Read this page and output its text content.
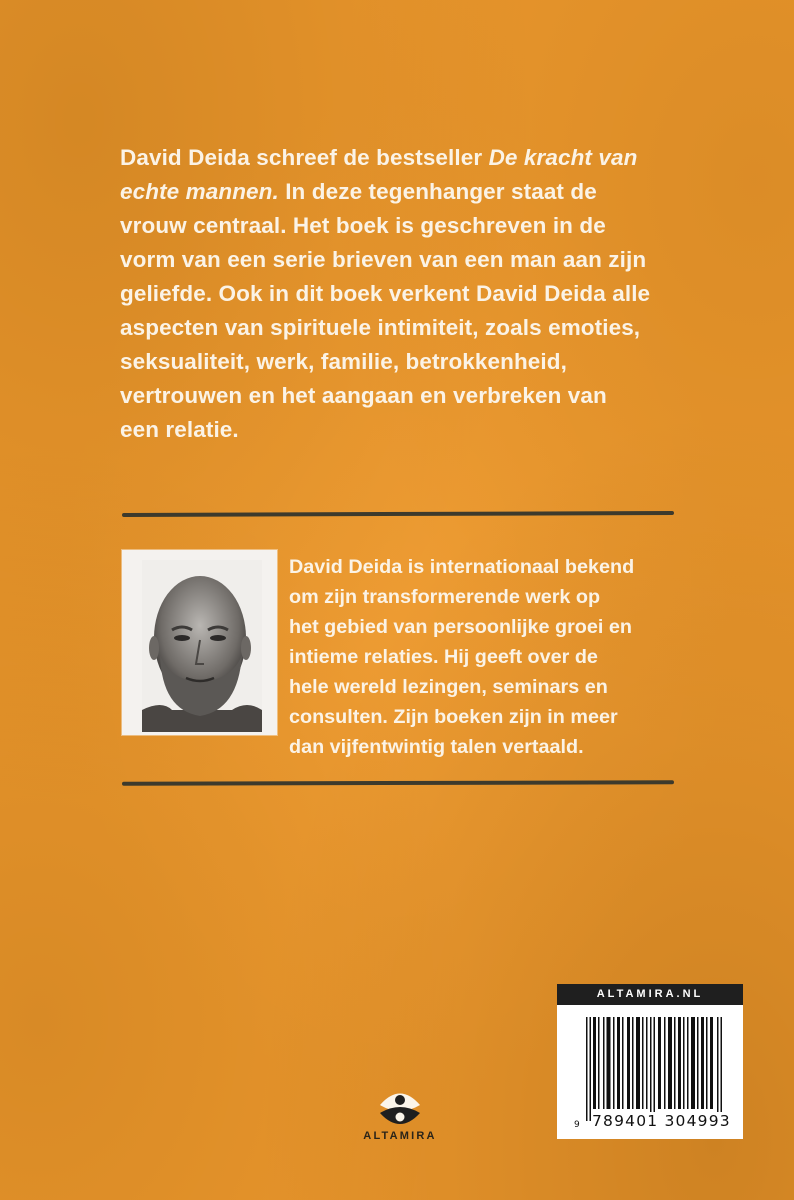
David Deida schreef de bestseller De kracht van
echte mannen. In deze tegenhanger staat de
vrouw centraal. Het boek is geschreven in de
vorm van een serie brieven van een man aan zijn
geliefde. Ook in dit boek verkent David Deida alle
aspecten van spirituele intimiteit, zoals emoties,
seksualiteit, werk, familie, betrokkenheid,
vertrouwen en het aangaan en verbreken van
een relatie.
David Deida is internationaal bekend
om zijn transformerende werk op
het gebied van persoonlijke groei en
intieme relaties. Hij geeft over de
hele wereld lezingen, seminars en
consulten. Zijn boeken zijn in meer
dan vijfentwintig talen vertaald.
ALTAMIRA
ALTAMIRA.NL
9 789401 304993
